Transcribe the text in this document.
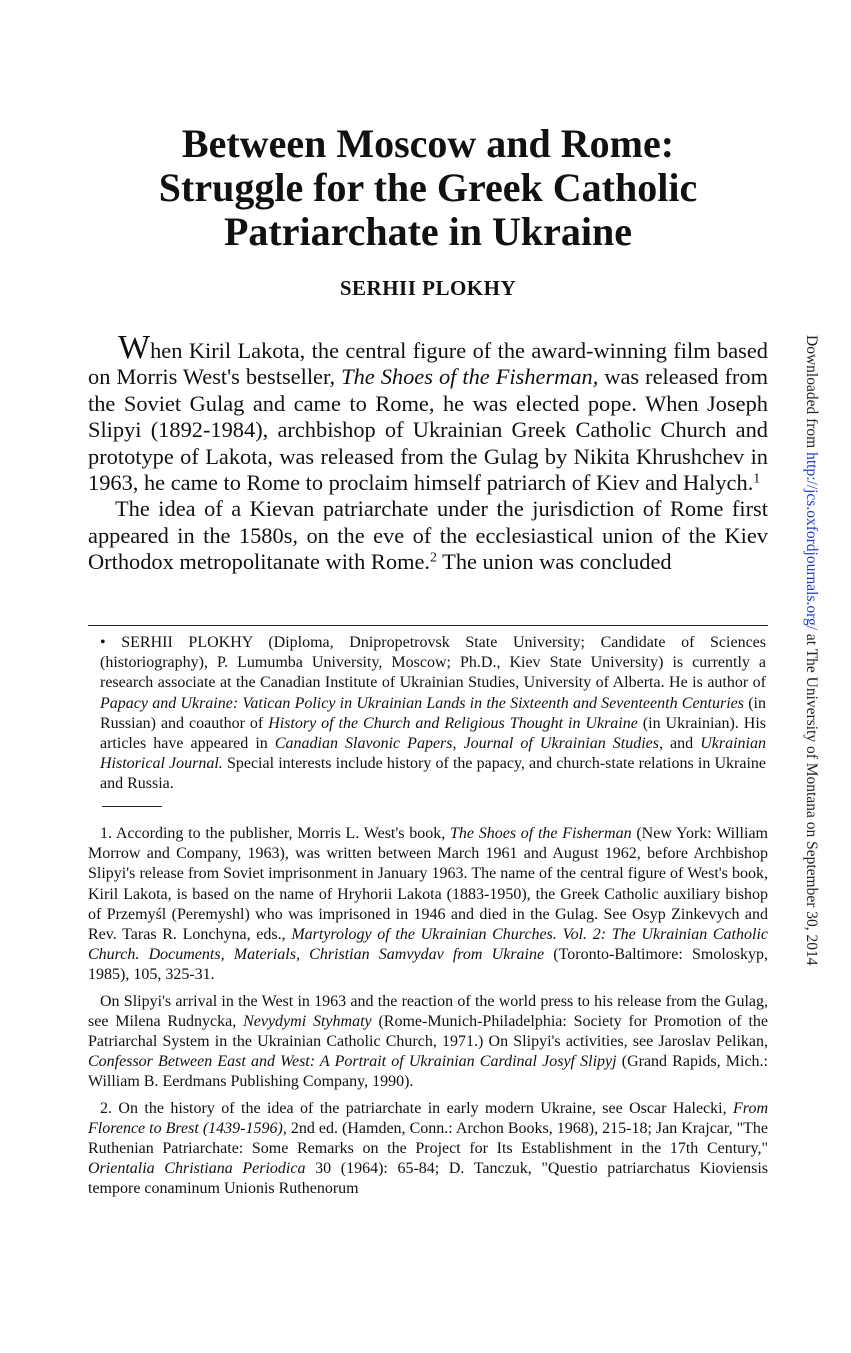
Between Moscow and Rome:
Struggle for the Greek Catholic
Patriarchate in Ukraine
SERHII PLOKHY

When Kiril Lakota, the central figure of the award-winning film based on Morris West's bestseller, The Shoes of the Fisherman, was released from the Soviet Gulag and came to Rome, he was elected pope. When Joseph Slipyi (1892-1984), archbishop of Ukrainian Greek Catholic Church and prototype of Lakota, was released from the Gulag by Nikita Khrushchev in 1963, he came to Rome to proclaim himself patriarch of Kiev and Halych.$^1$

The idea of a Kievan patriarchate under the jurisdiction of Rome first appeared in the 1580s, on the eve of the ecclesiastical union of the Kiev Orthodox metropolitanate with Rome.$^2$ The union was concluded

• SERHII PLOKHY (Diploma, Dnipropetrovsk State University; Candidate of Sciences (historiography), P. Lumumba University, Moscow; Ph.D., Kiev State University) is currently a research associate at the Canadian Institute of Ukrainian Studies, University of Alberta. He is author of Papacy and Ukraine: Vatican Policy in Ukrainian Lands in the Sixteenth and Seventeenth Centuries (in Russian) and coauthor of History of the Church and Religious Thought in Ukraine (in Ukrainian). His articles have appeared in Canadian Slavonic Papers, Journal of Ukrainian Studies, and Ukrainian Historical Journal. Special interests include history of the papacy, and church-state relations in Ukraine and Russia.

1. According to the publisher, Morris L. West's book, The Shoes of the Fisherman (New York: William Morrow and Company, 1963), was written between March 1961 and August 1962, before Archbishop Slipyi's release from Soviet imprisonment in January 1963. The name of the central figure of West's book, Kiril Lakota, is based on the name of Hryhorii Lakota (1883-1950), the Greek Catholic auxiliary bishop of Przemyśl (Peremyshl) who was imprisoned in 1946 and died in the Gulag. See Osyp Zinkevych and Rev. Taras R. Lonchyna, eds., Martyrology of the Ukrainian Churches. Vol. 2: The Ukrainian Catholic Church. Documents, Materials, Christian Samvydav from Ukraine (Toronto-Baltimore: Smoloskyp, 1985), 105, 325-31.

On Slipyi's arrival in the West in 1963 and the reaction of the world press to his release from the Gulag, see Milena Rudnycka, Nevydymi Styhmaty (Rome-Munich-Philadelphia: Society for Promotion of the Patriarchal System in the Ukrainian Catholic Church, 1971.) On Slipyi's activities, see Jaroslav Pelikan, Confessor Between East and West: A Portrait of Ukrainian Cardinal Josyf Slipyj (Grand Rapids, Mich.: William B. Eerdmans Publishing Company, 1990).

2. On the history of the idea of the patriarchate in early modern Ukraine, see Oscar Halecki, From Florence to Brest (1439-1596), 2nd ed. (Hamden, Conn.: Archon Books, 1968), 215-18; Jan Krajcar, "The Ruthenian Patriarchate: Some Remarks on the Project for Its Establishment in the 17th Century," Orientalia Christiana Periodica 30 (1964): 65-84; D. Tanczuk, "Questio patriarchatus Kioviensis tempore conaminum Unionis Ruthenorum

Downloaded from http://jcs.oxfordjournals.org/ at The University of Montana on September 30, 2014
